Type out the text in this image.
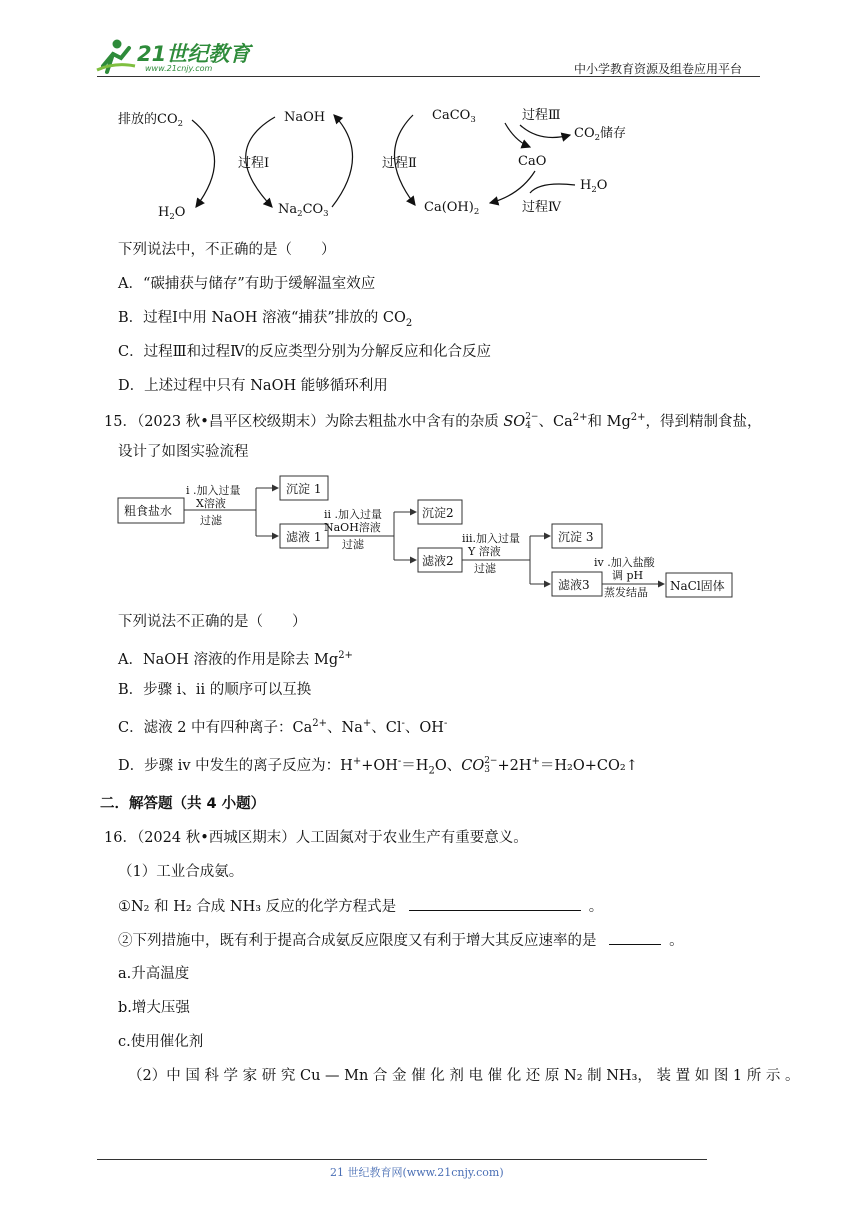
21世纪教育
www.21cnjy.com	中小学教育资源及组卷应用平台
排放的$CO_2$	NaOH
$H_2O$	$Na_2CO_3$
过程Ⅰ	过程Ⅱ
CaCO$_3$
$Ca(OH)_2$
过程Ⅲ
$CO_2$储存
CaO
$H_2O$
过程Ⅳ
下列说法中，不正确的是（　　）
A．“碳捕获与储存”有助于缓解温室效应
B．过程Ⅰ中用 NaOH 溶液“捕获”排放的 $CO_2$
C．过程Ⅲ和过程Ⅳ的反应类型分别为分解反应和化合反应
D．上述过程中只有 NaOH 能够循环利用
15．（2023 秋•昌平区校级期末）为除去粗盐水中含有的杂质 SO 2−
4 、$Ca^{2+}$和 $Mg^{2+}$，得到精制食盐，
设计了如图实验流程
粗食盐水
i .加入过量
X溶液
过滤
沉淀 1
滤液 1
ii .加入过量
NaOH溶液
过滤
沉淀2
滤液2
iii.加入过量
Y 溶液
过滤
沉淀 3
滤液3
iv .加入盐酸
调 pH
蒸发结晶 NaCl固体
下列说法不正确的是（　　）
A．NaOH 溶液的作用是除去 $Mg^{2+}$
B．步骤 i、ii 的顺序可以互换
C．滤液 2 中有四种离子：$Ca^{2+}$、Na+、Cl-、OH-
D．步骤 iv 中发生的离子反应为：$H^++OH^-=H_2O$、CO 2−
3 +2H+＝H₂O+CO₂↑
二．解答题（共 4 小题）
16．（2024 秋•西城区期末）人工固氮对于农业生产有重要意义。
（1）工业合成氨。
①N₂ 和 H₂ 合成 NH₃ 反应的化学方程式是	。
②下列措施中，既有利于提高合成氨反应限度又有利于增大其反应速率的是	。
a.升高温度
b.增大压强
c.使用催化剂
（2）中 国 科 学 家 研 究 Cu — Mn 合 金 催 化 剂 电 催 化 还 原 N₂ 制 NH₃， 装 置 如 图 1 所 示 。
21 世纪教育网(www.21cnjy.com)
